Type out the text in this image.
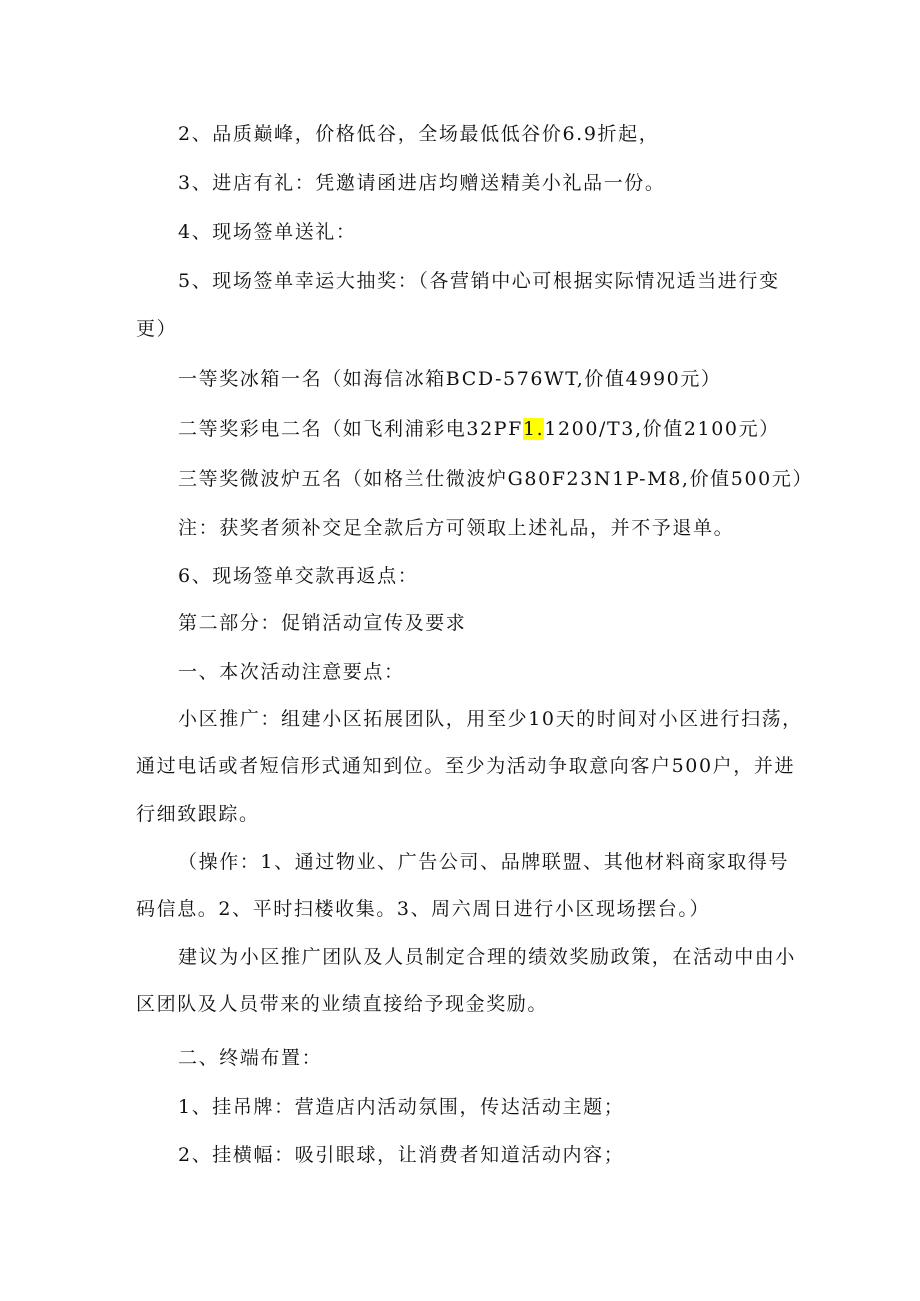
2、品质巅峰，价格低谷，全场最低低谷价6.9折起，
3、进店有礼：凭邀请函进店均赠送精美小礼品一份。
4、现场签单送礼：
5、现场签单幸运大抽奖：（各营销中心可根据实际情况适当进行变
更）
一等奖冰箱一名（如海信冰箱BCD-576WT,价值4990元）
二等奖彩电二名（如飞利浦彩电32PF1.1200/T3,价值2100元）
三等奖微波炉五名（如格兰仕微波炉G80F23N1P-M8,价值500元）
注：获奖者须补交足全款后方可领取上述礼品，并不予退单。
6、现场签单交款再返点：
第二部分：促销活动宣传及要求
一、本次活动注意要点：
小区推广：组建小区拓展团队，用至少10天的时间对小区进行扫荡，
通过电话或者短信形式通知到位。至少为活动争取意向客户500户，并进
行细致跟踪。
（操作：1、通过物业、广告公司、品牌联盟、其他材料商家取得号
码信息。2、平时扫楼收集。3、周六周日进行小区现场摆台。）
建议为小区推广团队及人员制定合理的绩效奖励政策，在活动中由小
区团队及人员带来的业绩直接给予现金奖励。
二、终端布置：
1、挂吊牌：营造店内活动氛围，传达活动主题；
2、挂横幅：吸引眼球，让消费者知道活动内容；
